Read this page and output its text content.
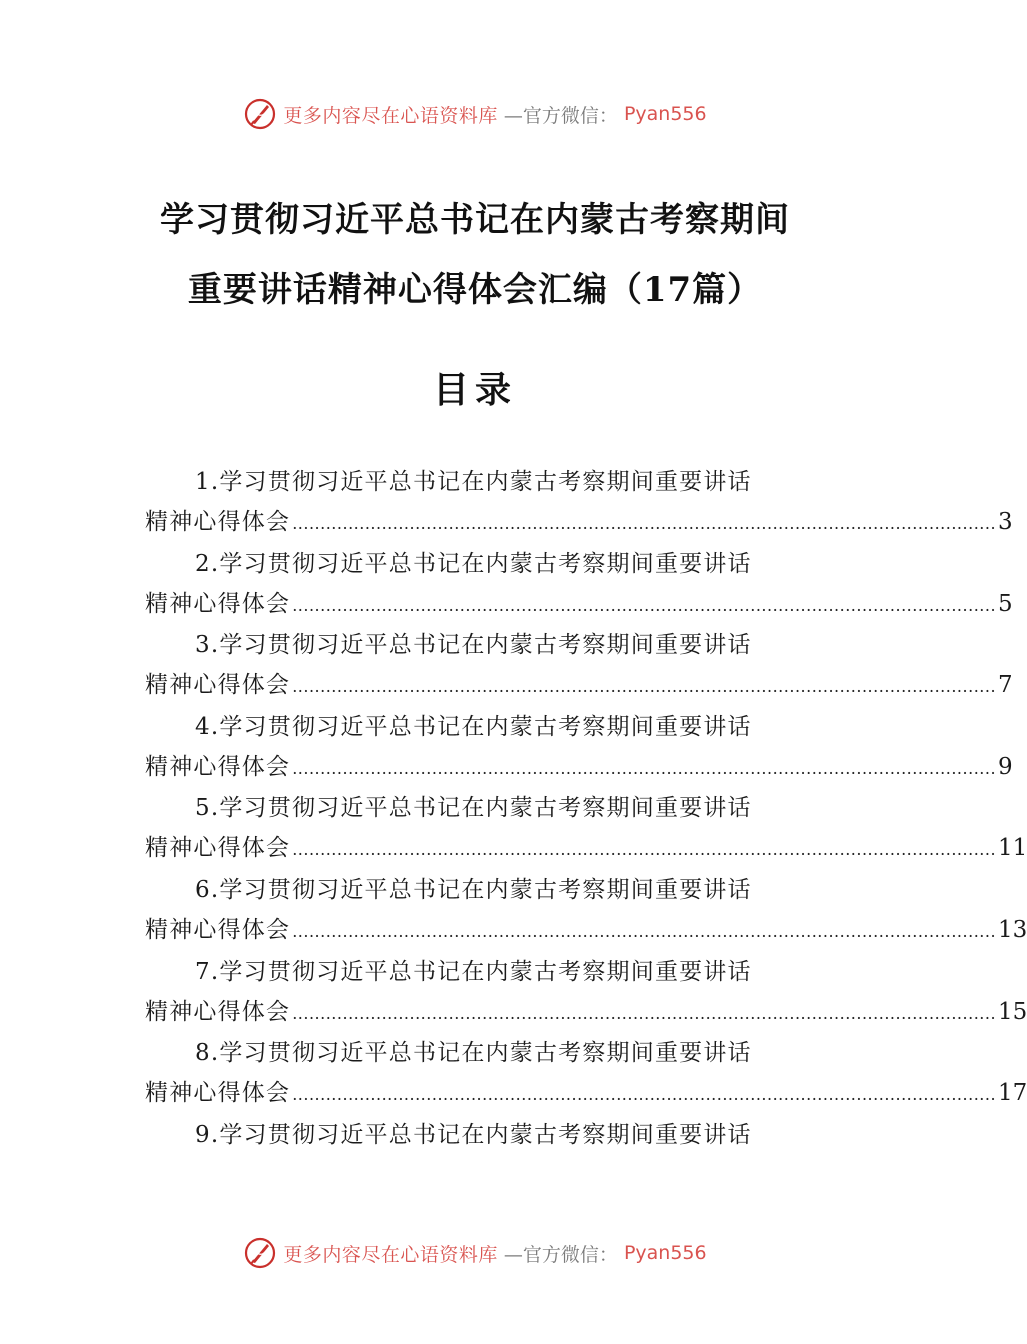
更多内容尽在心语资料库 —官方微信： Pyan556
学习贯彻习近平总书记在内蒙古考察期间
重要讲话精神心得体会汇编（17篇）
目录
1.学习贯彻习近平总书记在内蒙古考察期间重要讲话
精神心得体会 .............................................................................................................................. 3
2.学习贯彻习近平总书记在内蒙古考察期间重要讲话
精神心得体会 .............................................................................................................................. 5
3.学习贯彻习近平总书记在内蒙古考察期间重要讲话
精神心得体会 .............................................................................................................................. 7
4.学习贯彻习近平总书记在内蒙古考察期间重要讲话
精神心得体会 .............................................................................................................................. 9
5.学习贯彻习近平总书记在内蒙古考察期间重要讲话
精神心得体会 .............................................................................................................................. 11
6.学习贯彻习近平总书记在内蒙古考察期间重要讲话
精神心得体会 .............................................................................................................................. 13
7.学习贯彻习近平总书记在内蒙古考察期间重要讲话
精神心得体会 .............................................................................................................................. 15
8.学习贯彻习近平总书记在内蒙古考察期间重要讲话
精神心得体会 .............................................................................................................................. 17
9.学习贯彻习近平总书记在内蒙古考察期间重要讲话
更多内容尽在心语资料库 —官方微信： Pyan556
